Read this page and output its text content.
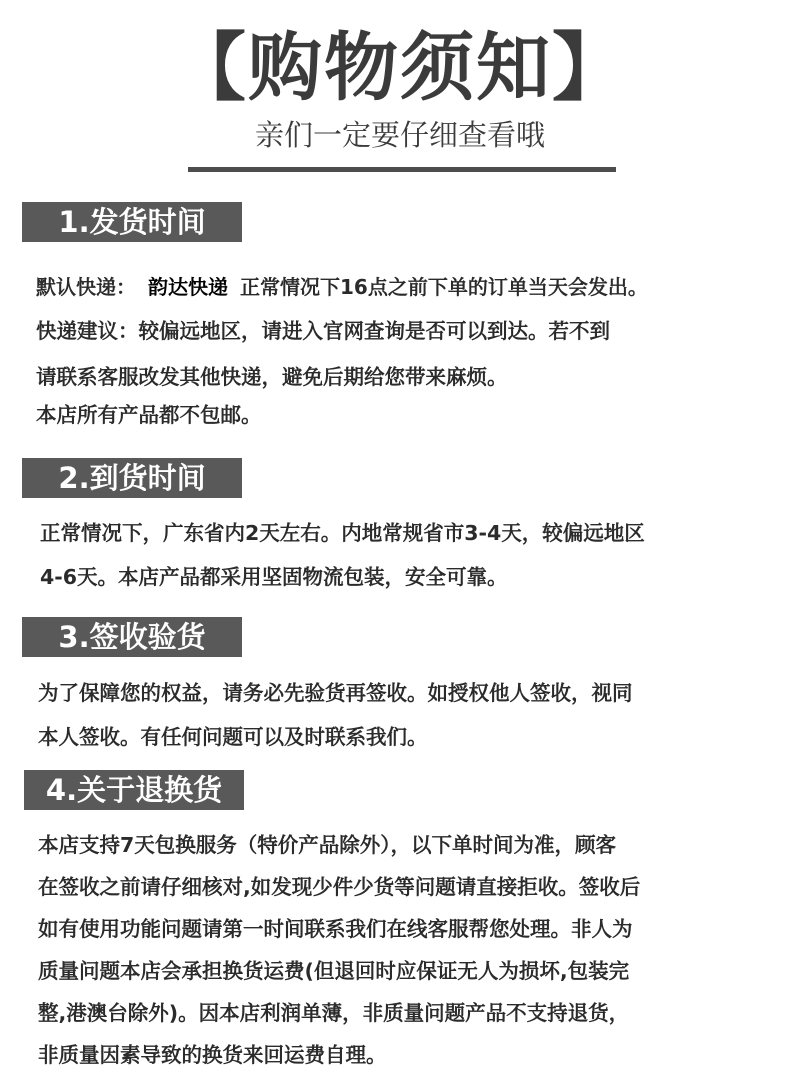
【购物须知】
亲们一定要仔细查看哦
1.发货时间
默认快递： 韵达快递 正常情况下16点之前下单的订单当天会发出。
快递建议：较偏远地区，请进入官网查询是否可以到达。若不到
请联系客服改发其他快递，避免后期给您带来麻烦。
本店所有产品都不包邮。
2.到货时间
正常情况下，广东省内2天左右。内地常规省市3-4天，较偏远地区
4-6天。本店产品都采用坚固物流包装，安全可靠。
3.签收验货
为了保障您的权益，请务必先验货再签收。如授权他人签收，视同
本人签收。有任何问题可以及时联系我们。
4.关于退换货
本店支持7天包换服务（特价产品除外），以下单时间为准，顾客
在签收之前请仔细核对,如发现少件少货等问题请直接拒收。签收后
如有使用功能问题请第一时间联系我们在线客服帮您处理。非人为
质量问题本店会承担换货运费(但退回时应保证无人为损坏,包装完
整,港澳台除外)。因本店利润单薄，非质量问题产品不支持退货，
非质量因素导致的换货来回运费自理。
